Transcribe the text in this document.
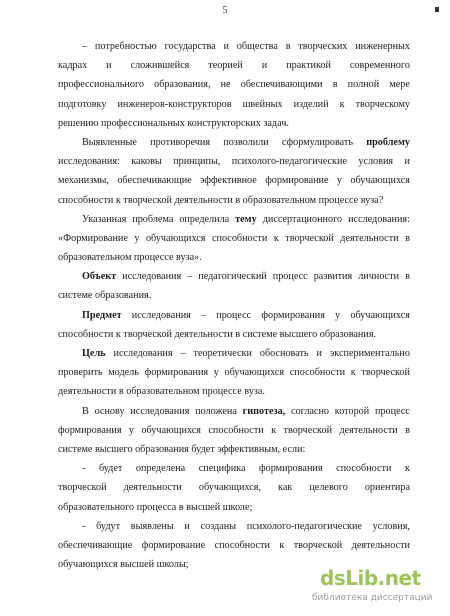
5
– потребностью государства и общества в творческих инженерных
кадрах и сложившейся теорией и практикой современного
профессионального образования, не обеспечивающими в полной мере
подготовку инженеров-конструкторов швейных изделий к творческому
решению профессиональных конструкторских задач.
Выявленные противоречия позволили сформулировать проблему
исследования: каковы принципы, психолого-педагогические условия и
механизмы, обеспечивающие эффективное формирование у обучающихся
способности к творческой деятельности в образовательном процессе вуза?
Указанная проблема определила тему диссертационного исследования:
«Формирование у обучающихся способности к творческой деятельности в
образовательном процессе вуза».
Объект исследования – педагогический процесс развития личности в
системе образования.
Предмет исследования – процесс формирования у обучающихся
способности к творческой деятельности в системе высшего образования.
Цель исследования – теоретически обосновать и экспериментально
проверить модель формирования у обучающихся способности к творческой
деятельности в образовательном процессе вуза.
В основу исследования положена гипотеза, согласно которой процесс
формирования у обучающихся способности к творческой деятельности в
системе высшего образования будет эффективным, если:
- будет определена специфика формирования способности к
творческой деятельности обучающихся, как целевого ориентира
образовательного процесса в высшей школе;
- будут выявлены и созданы психолого-педагогические условия,
обеспечивающие формирование способности к творческой деятельности
обучающихся высшей школы;
dsLib.net
библиотека диссертаций
